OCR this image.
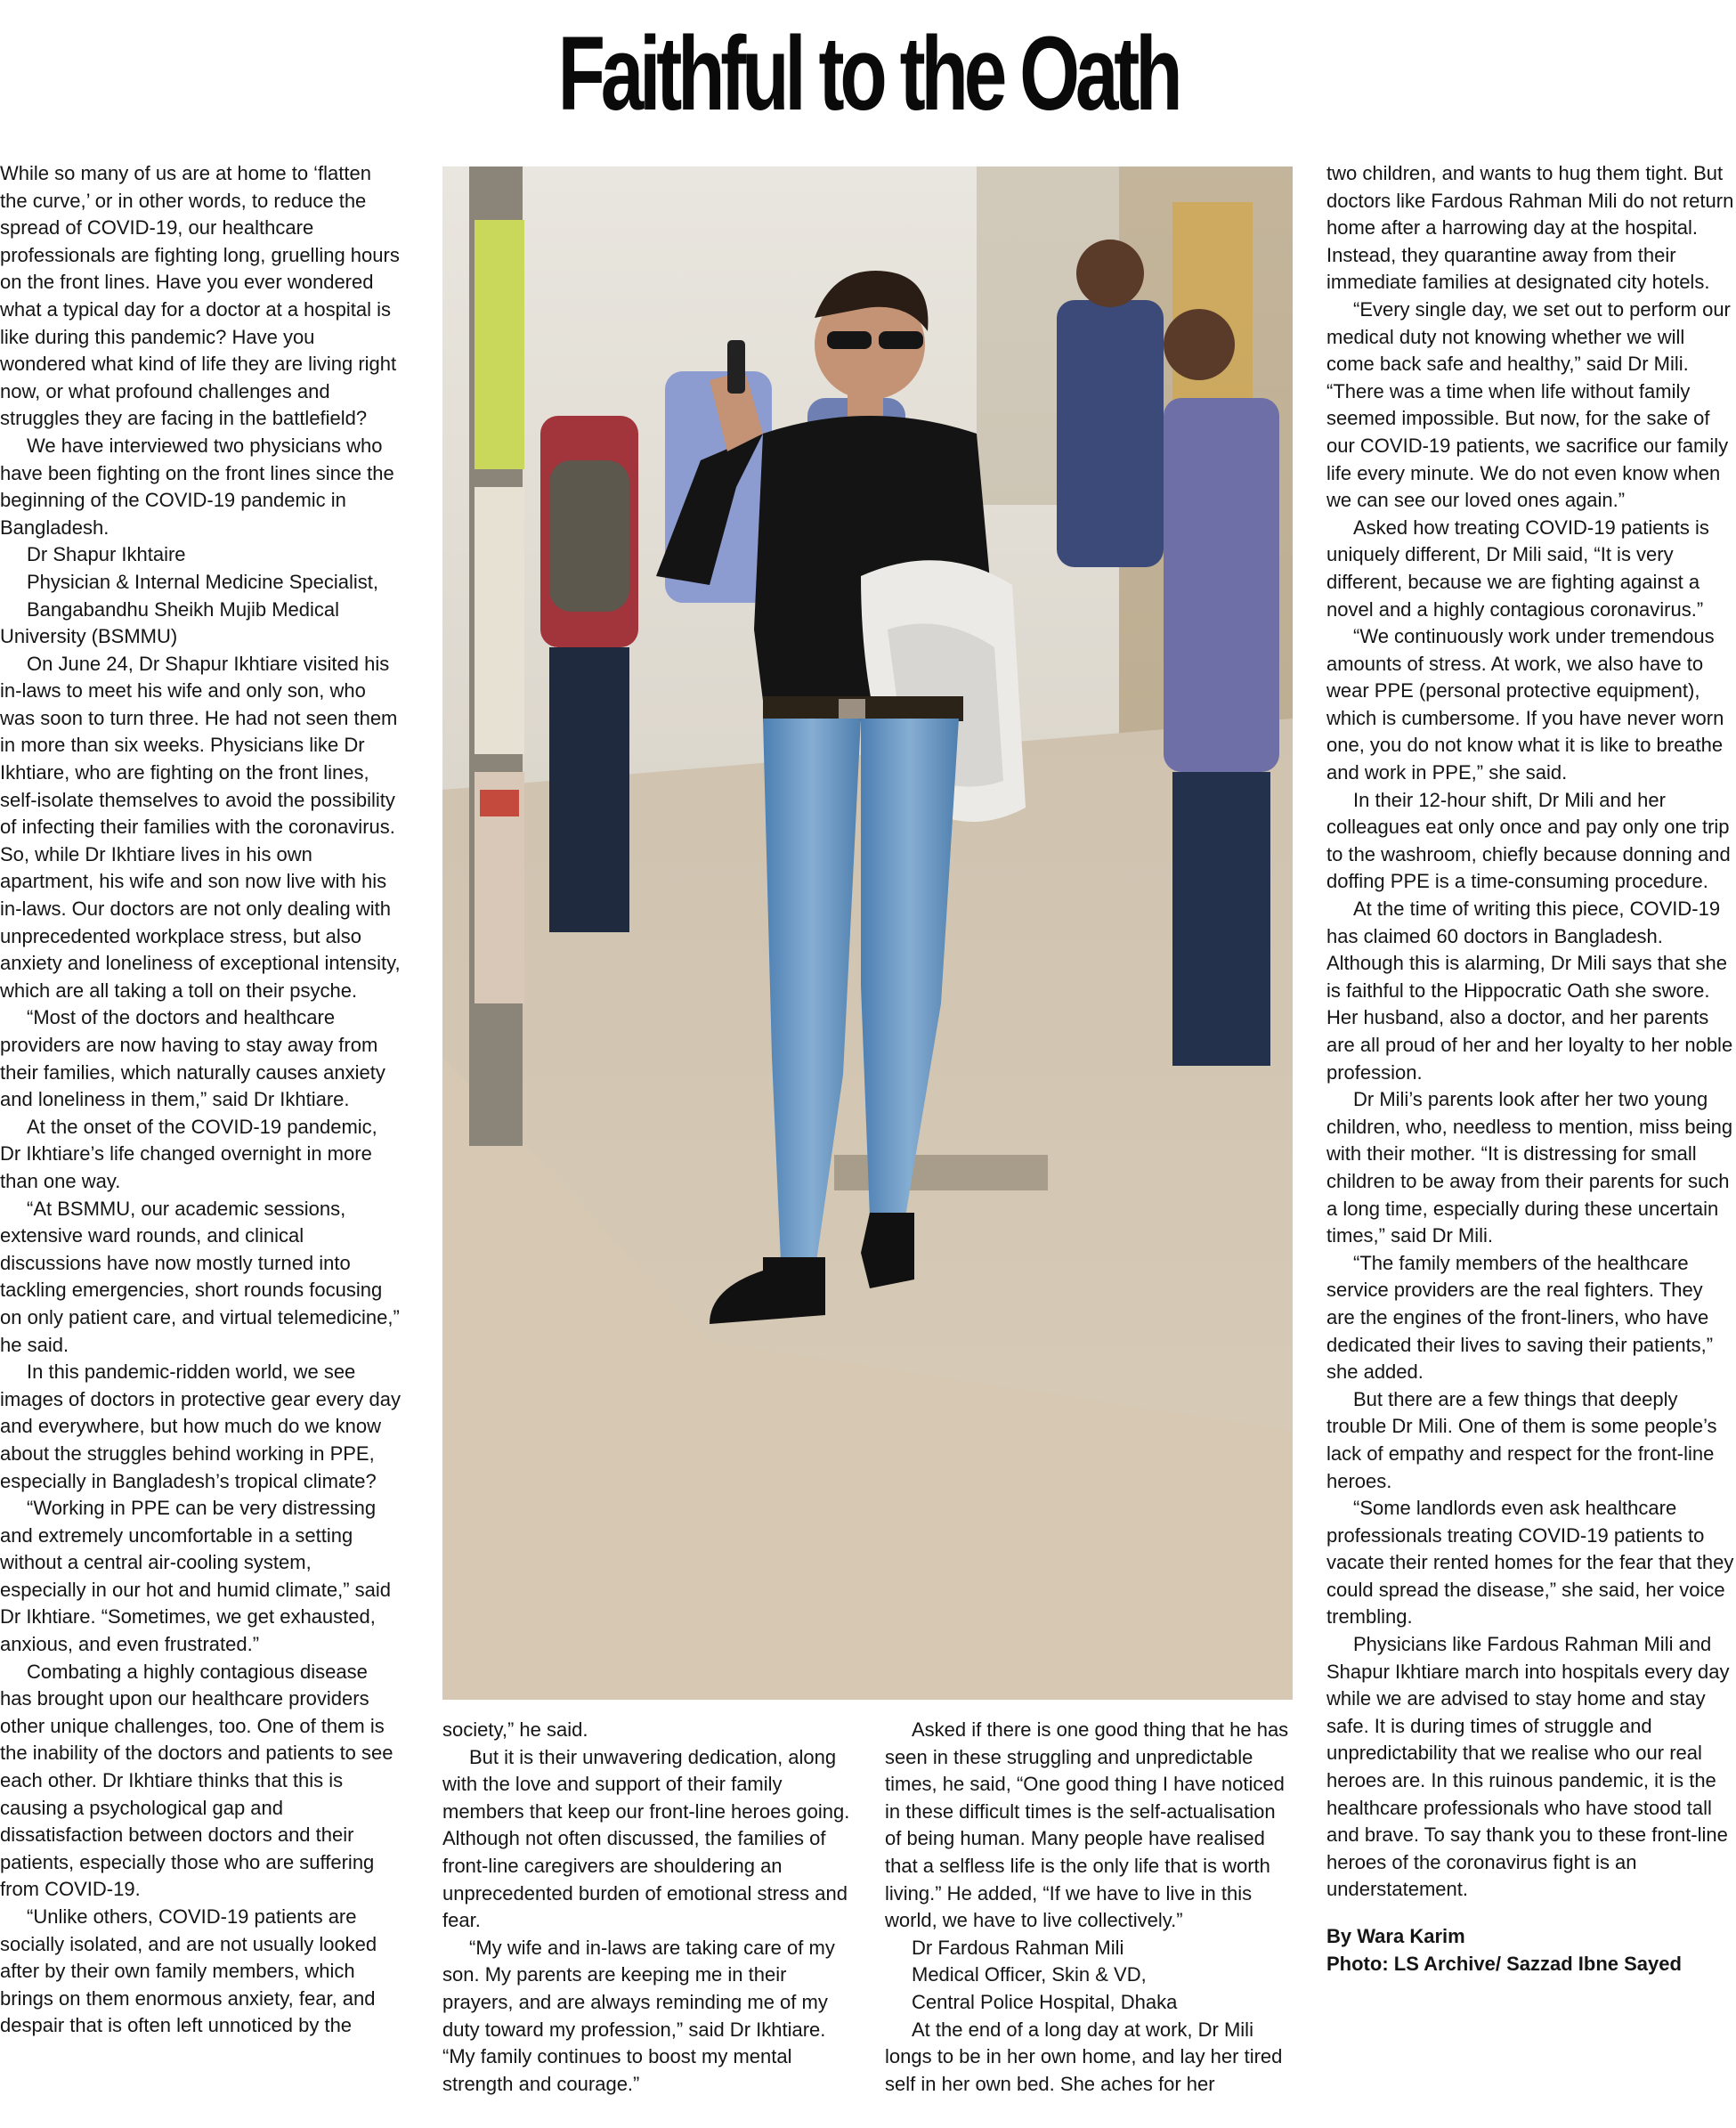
Faithful to the Oath

While so many of us are at home to ‘flatten the curve,’ or in other words, to reduce the spread of COVID-19, our healthcare professionals are fighting long, gruelling hours on the front lines. Have you ever wondered what a typical day for a doctor at a hospital is like during this pandemic? Have you wondered what kind of life they are living right now, or what profound challenges and struggles they are facing in the battlefield?

We have interviewed two physicians who have been fighting on the front lines since the beginning of the COVID-19 pandemic in Bangladesh.

Dr Shapur Ikhtaire

Physician & Internal Medicine Specialist,

Bangabandhu Sheikh Mujib Medical University (BSMMU)

On June 24, Dr Shapur Ikhtiare visited his in-laws to meet his wife and only son, who was soon to turn three. He had not seen them in more than six weeks. Physicians like Dr Ikhtiare, who are fighting on the front lines, self-isolate themselves to avoid the possibility of infecting their families with the coronavirus. So, while Dr Ikhtiare lives in his own apartment, his wife and son now live with his in-laws. Our doctors are not only dealing with unprecedented workplace stress, but also anxiety and loneliness of exceptional intensity, which are all taking a toll on their psyche.

“Most of the doctors and healthcare providers are now having to stay away from their families, which naturally causes anxiety and loneliness in them,” said Dr Ikhtiare.

At the onset of the COVID-19 pandemic, Dr Ikhtiare’s life changed overnight in more than one way.

“At BSMMU, our academic sessions, extensive ward rounds, and clinical discussions have now mostly turned into tackling emergencies, short rounds focusing on only patient care, and virtual telemedicine,” he said.

In this pandemic-ridden world, we see images of doctors in protective gear every day and everywhere, but how much do we know about the struggles behind working in PPE, especially in Bangladesh’s tropical climate?

“Working in PPE can be very distressing and extremely uncomfortable in a setting without a central air-cooling system, especially in our hot and humid climate,” said Dr Ikhtiare. “Sometimes, we get exhausted, anxious, and even frustrated.”

Combating a highly contagious disease has brought upon our healthcare providers other unique challenges, too. One of them is the inability of the doctors and patients to see each other. Dr Ikhtiare thinks that this is causing a psychological gap and dissatisfaction between doctors and their patients, especially those who are suffering from COVID-19.

“Unlike others, COVID-19 patients are socially isolated, and are not usually looked after by their own family members, which brings on them enormous anxiety, fear, and despair that is often left unnoticed by the

society,” he said.

But it is their unwavering dedication, along with the love and support of their family members that keep our front-line heroes going. Although not often discussed, the families of front-line caregivers are shouldering an unprecedented burden of emotional stress and fear.

“My wife and in-laws are taking care of my son. My parents are keeping me in their prayers, and are always reminding me of my duty toward my profession,” said Dr Ikhtiare. “My family continues to boost my mental strength and courage.”

Asked if there is one good thing that he has seen in these struggling and unpredictable times, he said, “One good thing I have noticed in these difficult times is the self-actualisation of being human. Many people have realised that a selfless life is the only life that is worth living.” He added, “If we have to live in this world, we have to live collectively.”

Dr Fardous Rahman Mili

Medical Officer, Skin & VD,

Central Police Hospital, Dhaka

At the end of a long day at work, Dr Mili longs to be in her own home, and lay her tired self in her own bed. She aches for her

two children, and wants to hug them tight. But doctors like Fardous Rahman Mili do not return home after a harrowing day at the hospital. Instead, they quarantine away from their immediate families at designated city hotels.

“Every single day, we set out to perform our medical duty not knowing whether we will come back safe and healthy,” said Dr Mili. “There was a time when life without family seemed impossible. But now, for the sake of our COVID-19 patients, we sacrifice our family life every minute. We do not even know when we can see our loved ones again.”

Asked how treating COVID-19 patients is uniquely different, Dr Mili said, “It is very different, because we are fighting against a novel and a highly contagious coronavirus.”

“We continuously work under tremendous amounts of stress. At work, we also have to wear PPE (personal protective equipment), which is cumbersome. If you have never worn one, you do not know what it is like to breathe and work in PPE,” she said.

In their 12-hour shift, Dr Mili and her colleagues eat only once and pay only one trip to the washroom, chiefly because donning and doffing PPE is a time-consuming procedure.

At the time of writing this piece, COVID-19 has claimed 60 doctors in Bangladesh. Although this is alarming, Dr Mili says that she is faithful to the Hippocratic Oath she swore. Her husband, also a doctor, and her parents are all proud of her and her loyalty to her noble profession.

Dr Mili’s parents look after her two young children, who, needless to mention, miss being with their mother. “It is distressing for small children to be away from their parents for such a long time, especially during these uncertain times,” said Dr Mili.

“The family members of the healthcare service providers are the real fighters. They are the engines of the front-liners, who have dedicated their lives to saving their patients,” she added.

But there are a few things that deeply trouble Dr Mili. One of them is some people’s lack of empathy and respect for the front-line heroes.

“Some landlords even ask healthcare professionals treating COVID-19 patients to vacate their rented homes for the fear that they could spread the disease,” she said, her voice trembling.

Physicians like Fardous Rahman Mili and Shapur Ikhtiare march into hospitals every day while we are advised to stay home and stay safe. It is during times of struggle and unpredictability that we realise who our real heroes are. In this ruinous pandemic, it is the healthcare professionals who have stood tall and brave. To say thank you to these front-line heroes of the coronavirus fight is an understatement.

By Wara Karim
Photo: LS Archive/ Sazzad Ibne Sayed
